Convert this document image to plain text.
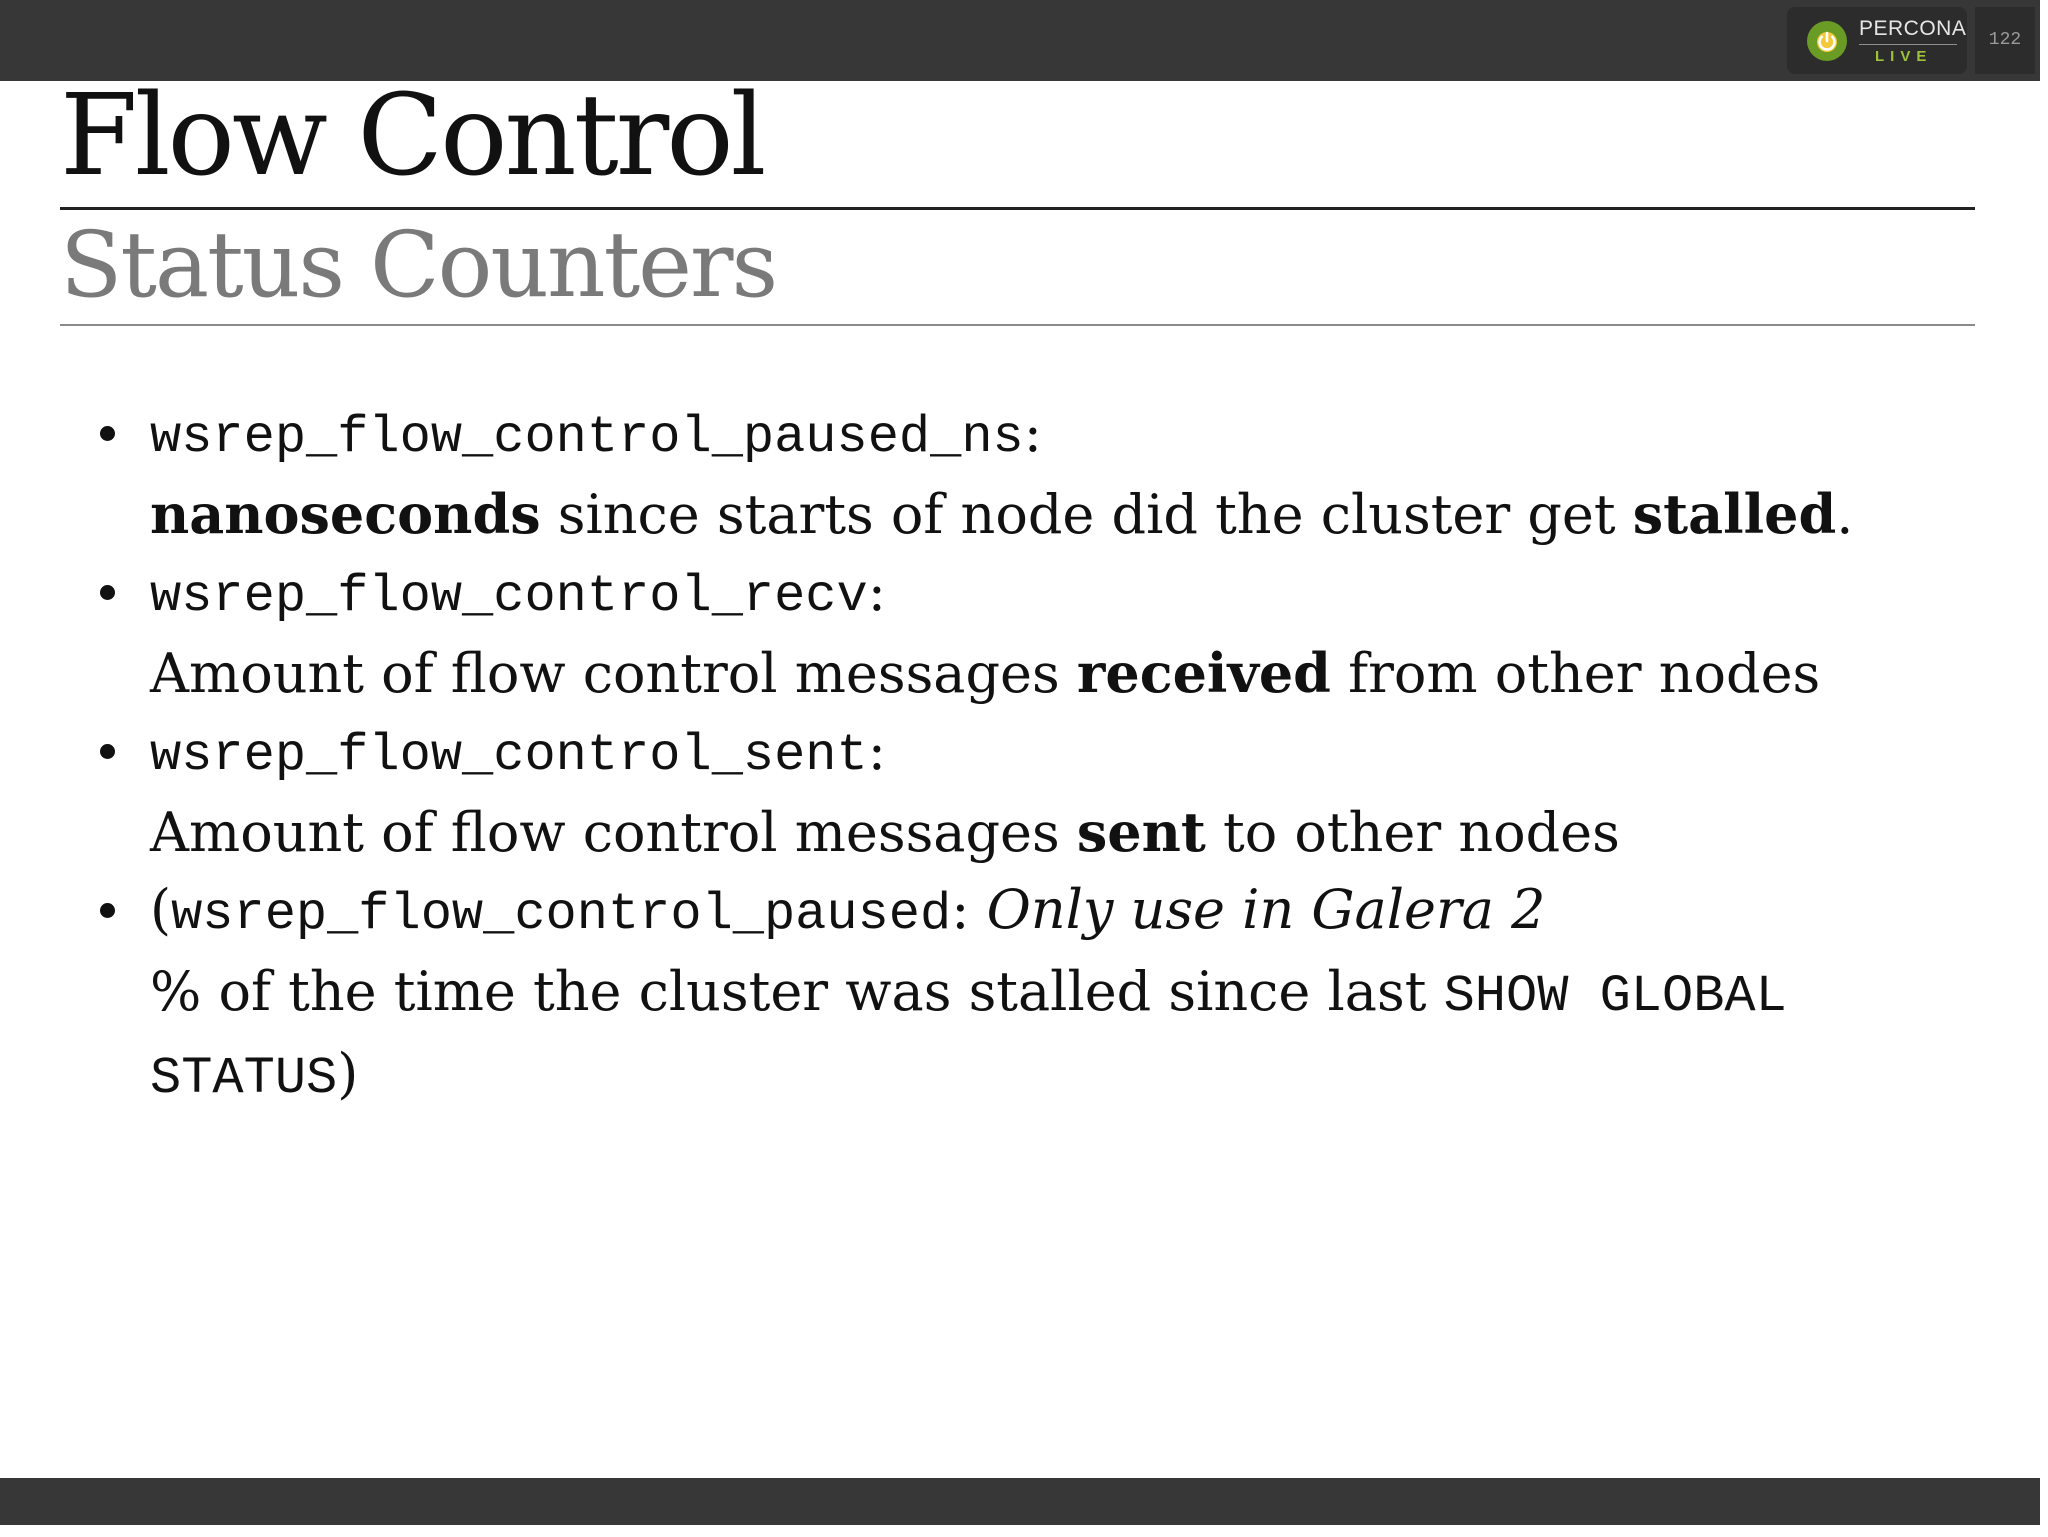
PERCONA
LIVE
122
Flow Control
Status Counters
wsrep_flow_control_paused_ns:
nanoseconds since starts of node did the cluster get stalled.
wsrep_flow_control_recv:
Amount of flow control messages received from other nodes
wsrep_flow_control_sent:
Amount of flow control messages sent to other nodes
(wsrep_flow_control_paused: Only use in Galera 2
% of the time the cluster was stalled since last SHOW GLOBAL STATUS)
